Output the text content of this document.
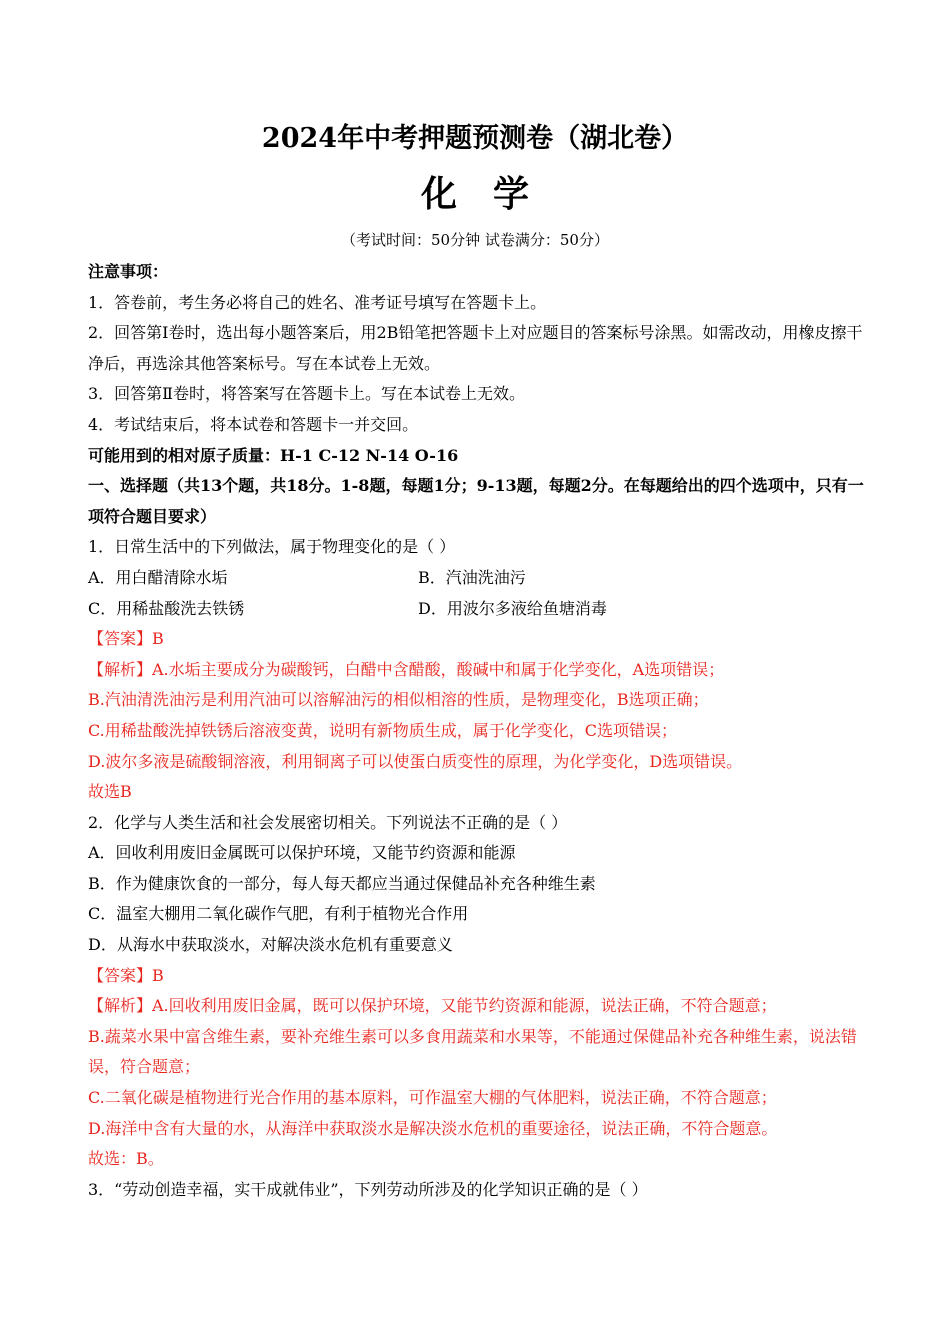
2024年中考押题预测卷（湖北卷）
化学
（考试时间：50分钟 试卷满分：50分）
注意事项：
1．答卷前，考生务必将自己的姓名、准考证号填写在答题卡上。
2．回答第Ⅰ卷时，选出每小题答案后，用2B铅笔把答题卡上对应题目的答案标号涂黑。如需改动，用橡皮擦干净后，再选涂其他答案标号。写在本试卷上无效。
3．回答第Ⅱ卷时，将答案写在答题卡上。写在本试卷上无效。
4．考试结束后，将本试卷和答题卡一并交回。
可能用到的相对原子质量：H-1 C-12 N-14 O-16
一、选择题（共13个题，共18分。1-8题，每题1分；9-13题，每题2分。在每题给出的四个选项中，只有一项符合题目要求）
1．日常生活中的下列做法，属于物理变化的是（ ）
A．用白醋清除水垢	B．汽油洗油污
C．用稀盐酸洗去铁锈	D．用波尔多液给鱼塘消毒
【答案】B
【解析】A.水垢主要成分为碳酸钙，白醋中含醋酸，酸碱中和属于化学变化，A选项错误；
B.汽油清洗油污是利用汽油可以溶解油污的相似相溶的性质，是物理变化，B选项正确；
C.用稀盐酸洗掉铁锈后溶液变黄，说明有新物质生成，属于化学变化，C选项错误；
D.波尔多液是硫酸铜溶液，利用铜离子可以使蛋白质变性的原理，为化学变化，D选项错误。
故选B
2．化学与人类生活和社会发展密切相关。下列说法不正确的是（ ）
A．回收利用废旧金属既可以保护环境，又能节约资源和能源
B．作为健康饮食的一部分，每人每天都应当通过保健品补充各种维生素
C．温室大棚用二氧化碳作气肥，有利于植物光合作用
D．从海水中获取淡水，对解决淡水危机有重要意义
【答案】B
【解析】A.回收利用废旧金属，既可以保护环境，又能节约资源和能源，说法正确，不符合题意；
B.蔬菜水果中富含维生素，要补充维生素可以多食用蔬菜和水果等，不能通过保健品补充各种维生素，说法错误，符合题意；
C.二氧化碳是植物进行光合作用的基本原料，可作温室大棚的气体肥料，说法正确，不符合题意；
D.海洋中含有大量的水，从海洋中获取淡水是解决淡水危机的重要途径，说法正确，不符合题意。
故选：B。
3．“劳动创造幸福，实干成就伟业”，下列劳动所涉及的化学知识正确的是（ ）
